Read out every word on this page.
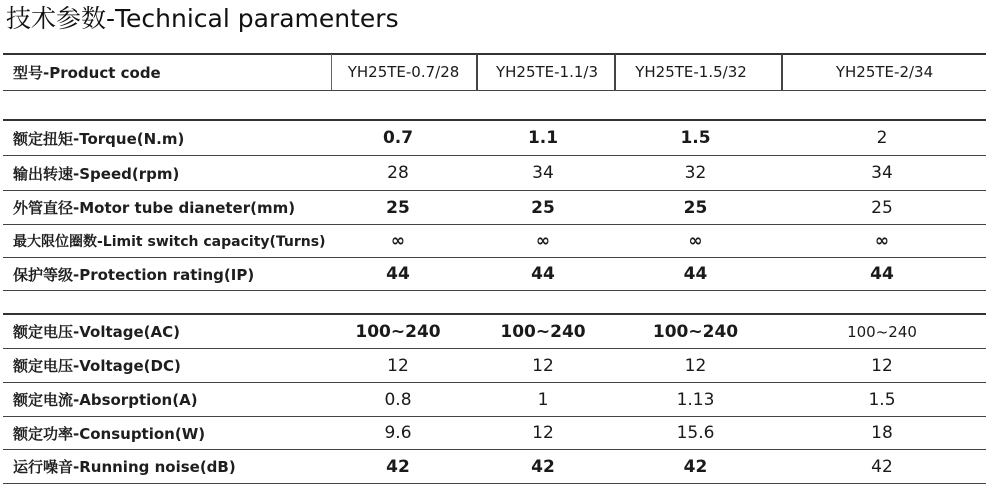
技术参数-Technical paramenters
型号-Product code	YH25TE-0.7/28	YH25TE-1.1/3	YH25TE-1.5/32	YH25TE-2/34
额定扭矩-Torque(N.m)	0.7	1.1	1.5	2
输出转速-Speed(rpm)	28	34	32	34
外管直径-Motor tube dianeter(mm)	25	25	25	25
最大限位圈数-Limit switch capacity(Turns)	∞	∞	∞	∞
保护等级-Protection rating(IP)	44	44	44	44
额定电压-Voltage(AC)	100~240	100~240	100~240	100~240
额定电压-Voltage(DC)	12	12	12	12
额定电流-Absorption(A)	0.8	1	1.13	1.5
额定功率-Consuption(W)	9.6	12	15.6	18
运行噪音-Running noise(dB)	42	42	42	42
